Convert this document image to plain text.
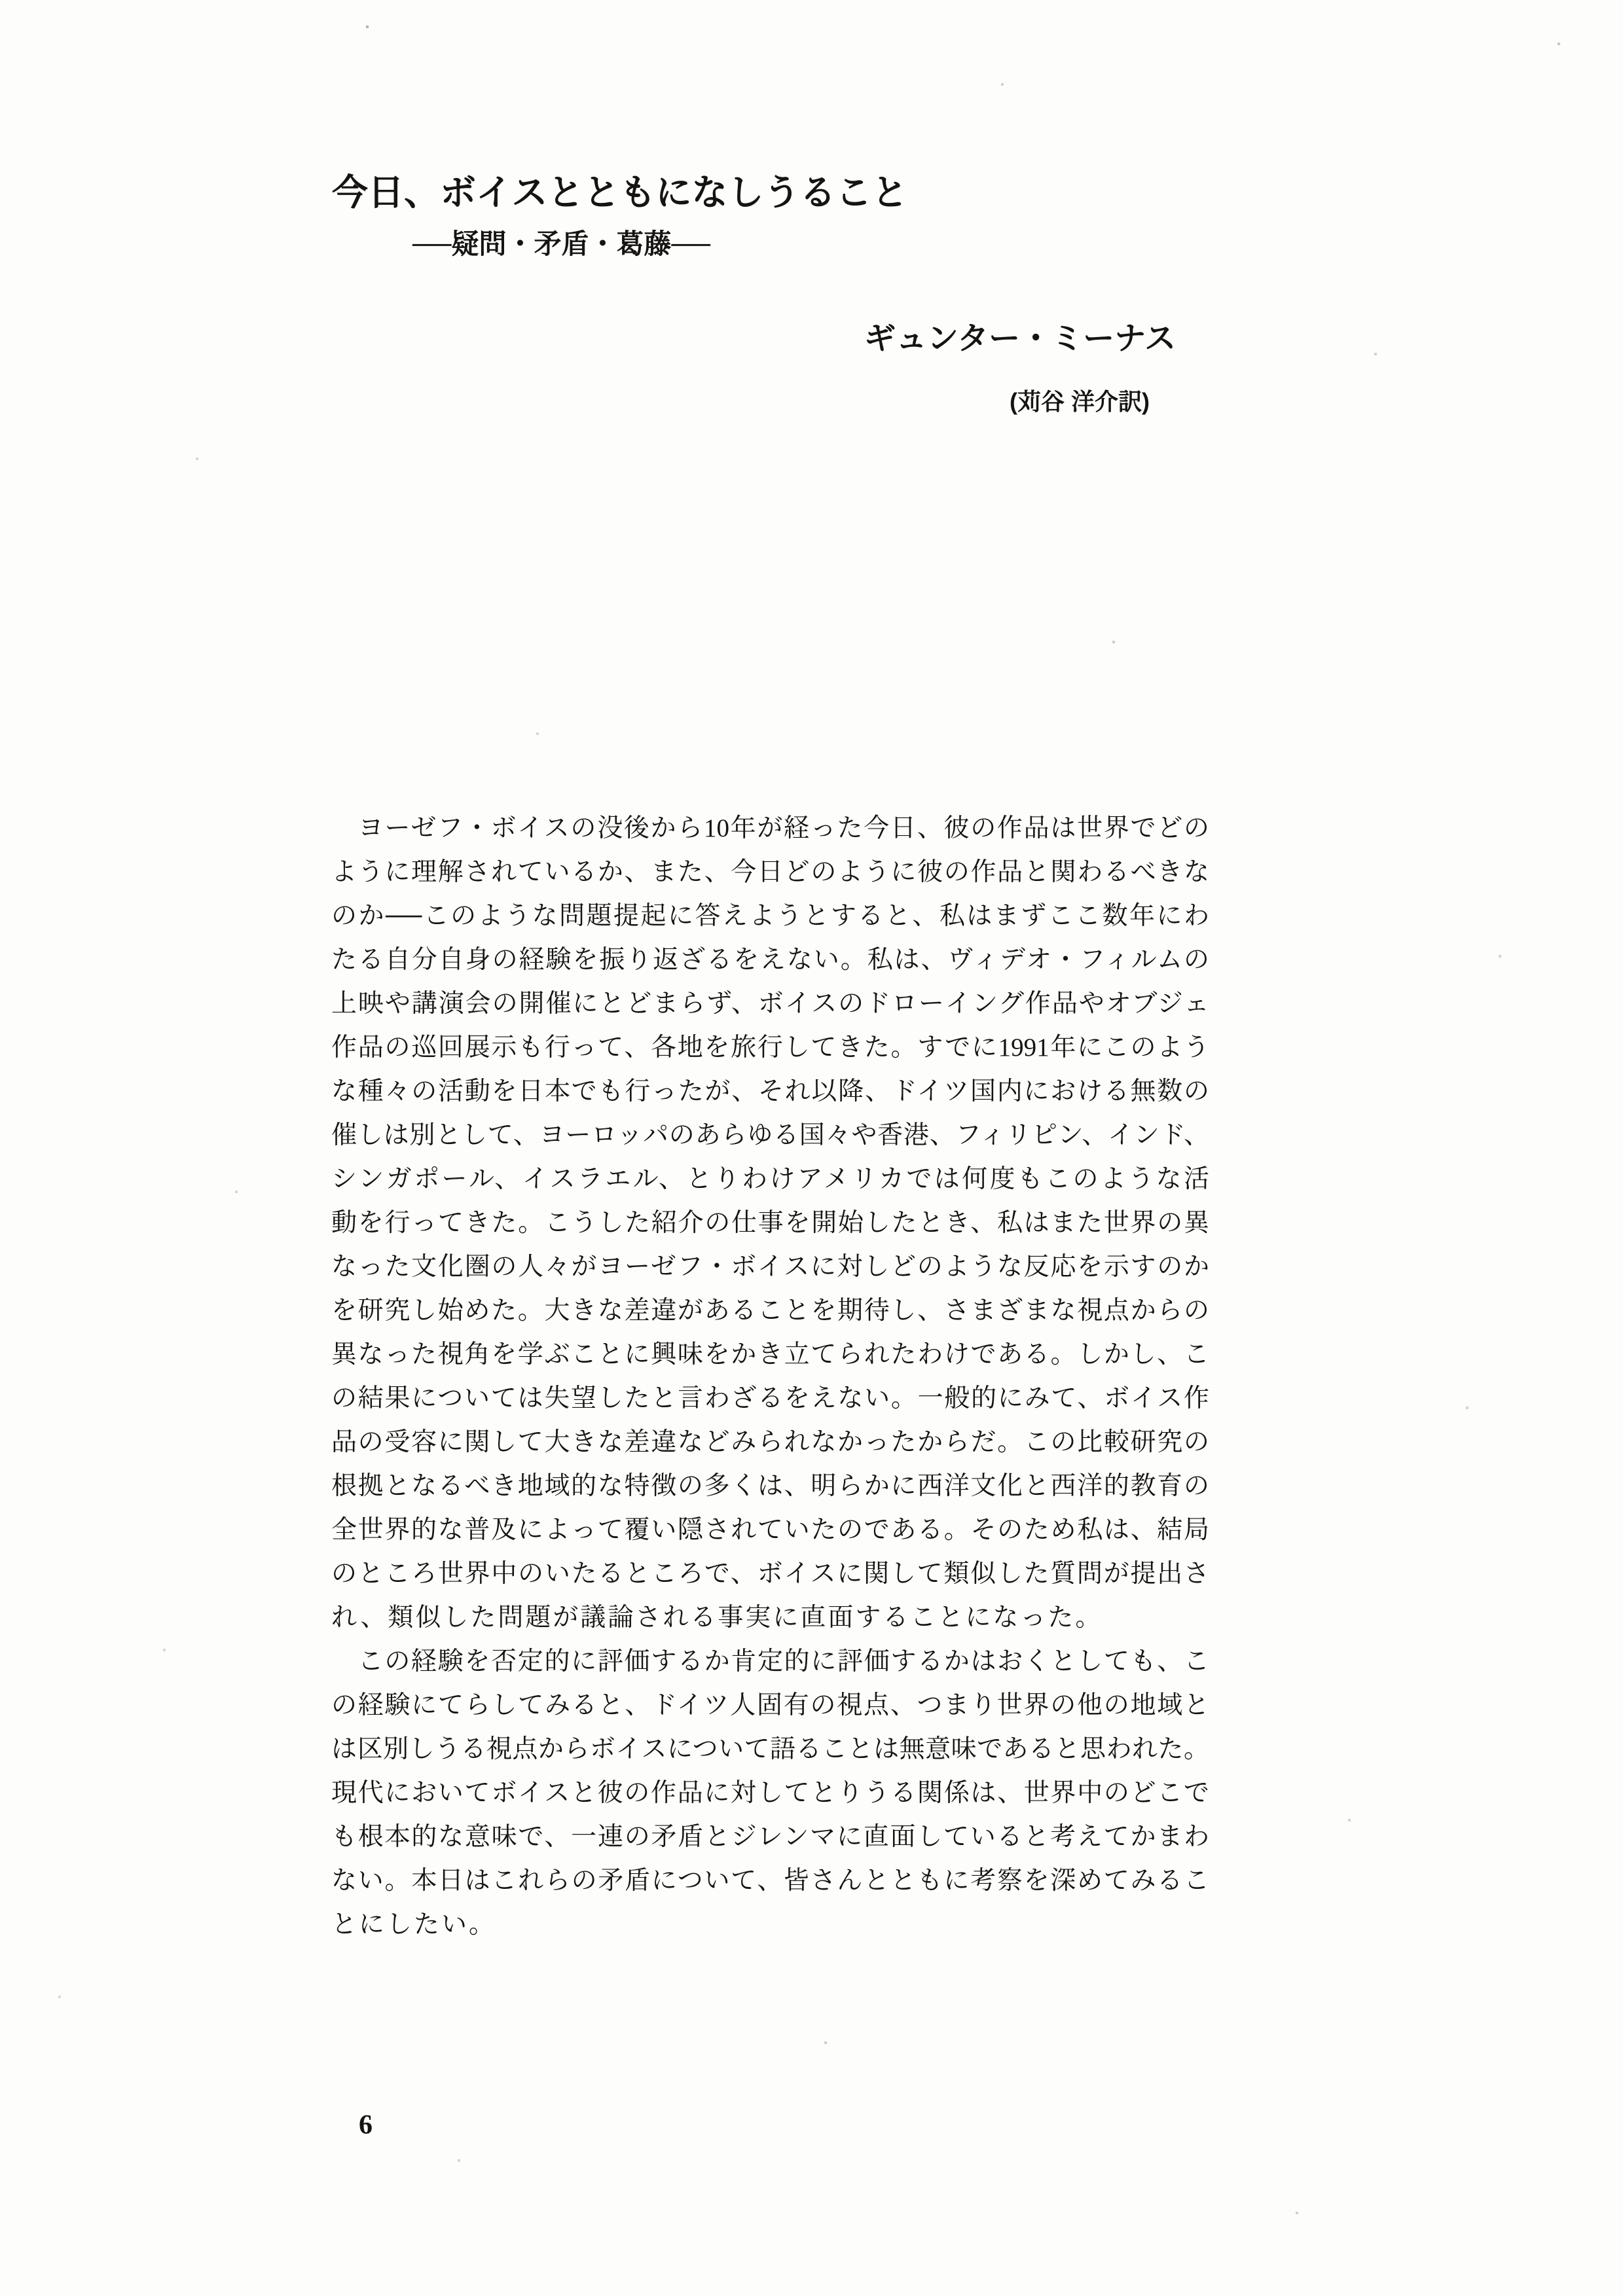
今日、ボイスとともになしうること
──疑問・矛盾・葛藤──
ギュンター・ミーナス
(苅谷 洋介訳)
　ヨーゼフ・ボイスの没後から10年が経った今日、彼の作品は世界でどの
ように理解されているか、また、今日どのように彼の作品と関わるべきな
のか──このような問題提起に答えようとすると、私はまずここ数年にわ
たる自分自身の経験を振り返ざるをえない。私は、ヴィデオ・フィルムの
上映や講演会の開催にとどまらず、ボイスのドローイング作品やオブジェ
作品の巡回展示も行って、各地を旅行してきた。すでに1991年にこのよう
な種々の活動を日本でも行ったが、それ以降、ドイツ国内における無数の
催しは別として、ヨーロッパのあらゆる国々や香港、フィリピン、インド、
シンガポール、イスラエル、とりわけアメリカでは何度もこのような活
動を行ってきた。こうした紹介の仕事を開始したとき、私はまた世界の異
なった文化圏の人々がヨーゼフ・ボイスに対しどのような反応を示すのか
を研究し始めた。大きな差違があることを期待し、さまざまな視点からの
異なった視角を学ぶことに興味をかき立てられたわけである。しかし、こ
の結果については失望したと言わざるをえない。一般的にみて、ボイス作
品の受容に関して大きな差違などみられなかったからだ。この比較研究の
根拠となるべき地域的な特徴の多くは、明らかに西洋文化と西洋的教育の
全世界的な普及によって覆い隠されていたのである。そのため私は、結局
のところ世界中のいたるところで、ボイスに関して類似した質問が提出さ
れ、類似した問題が議論される事実に直面することになった。
　この経験を否定的に評価するか肯定的に評価するかはおくとしても、こ
の経験にてらしてみると、ドイツ人固有の視点、つまり世界の他の地域と
は区別しうる視点からボイスについて語ることは無意味であると思われた。
現代においてボイスと彼の作品に対してとりうる関係は、世界中のどこで
も根本的な意味で、一連の矛盾とジレンマに直面していると考えてかまわ
ない。本日はこれらの矛盾について、皆さんとともに考察を深めてみるこ
とにしたい。
6
